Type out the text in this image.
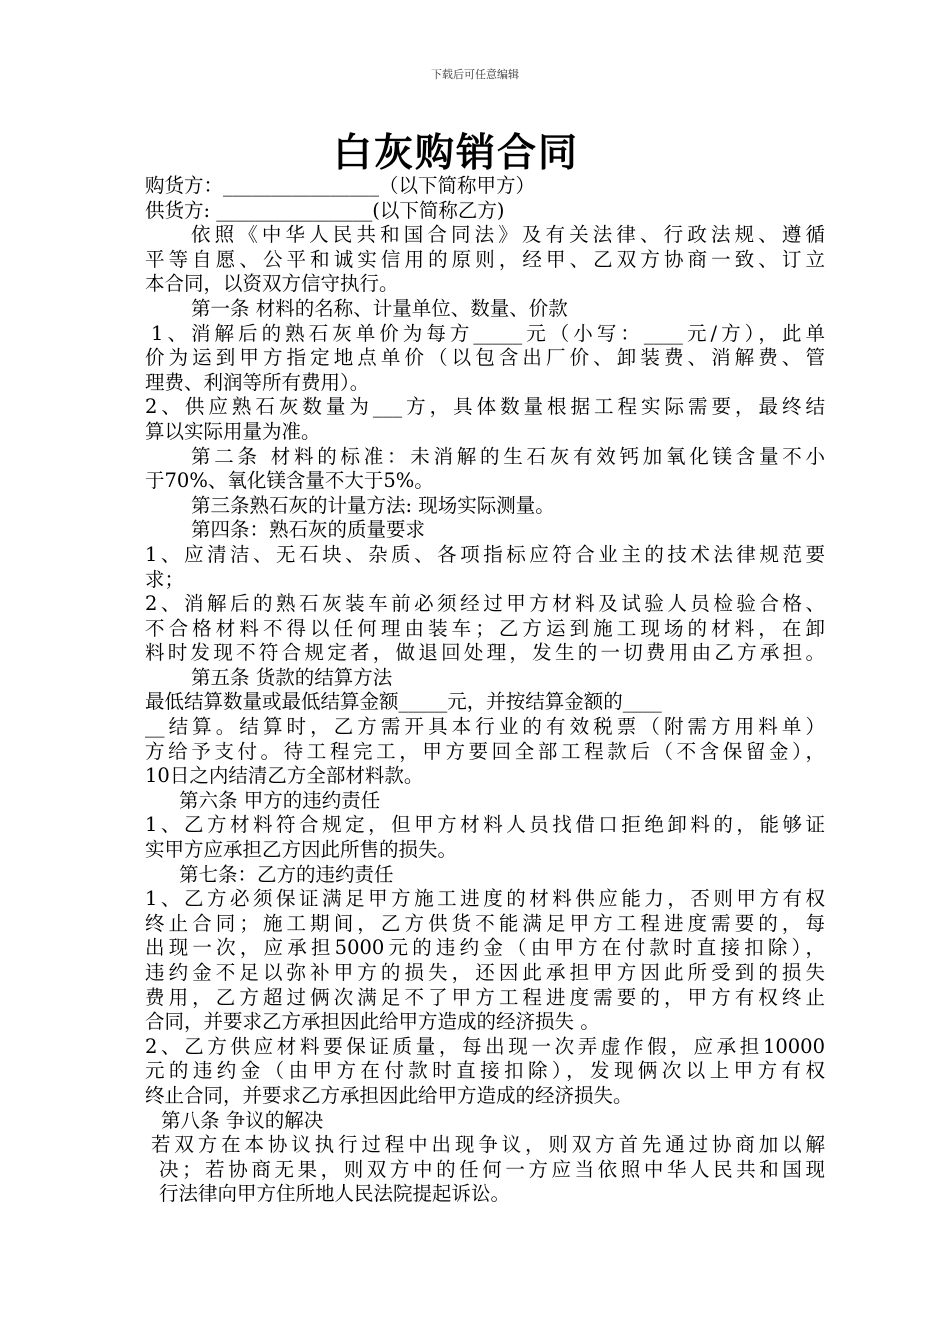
下载后可任意编辑
白灰购销合同
购货方：________________（以下简称甲方）
供货方: ________________(以下简称乙方)
依照《中华人民共和国合同法》及有关法律、行政法规、遵循
平等自愿、公平和诚实信用的原则，经甲、乙双方协商一致、订立
本合同，以资双方信守执行。
第一条 材料的名称、计量单位、数量、价款
1、消解后的熟石灰单价为每方_____元（小写：____元/方），此单
价为运到甲方指定地点单价（以包含出厂价、卸装费、消解费、管
理费、利润等所有费用）。
2、供应熟石灰数量为___方，具体数量根据工程实际需要，最终结
算以实际用量为准。
第二条 材料的标准：未消解的生石灰有效钙加氧化镁含量不小
于70%、氧化镁含量不大于5%。
第三条熟石灰的计量方法: 现场实际测量。
第四条：熟石灰的质量要求
1、应清洁、无石块、杂质、各项指标应符合业主的技术法律规范要
求；
2、消解后的熟石灰装车前必须经过甲方材料及试验人员检验合格、
不合格材料不得以任何理由装车；乙方运到施工现场的材料，在卸
料时发现不符合规定者，做退回处理，发生的一切费用由乙方承担。
第五条 货款的结算方法
最低结算数量或最低结算金额_____元，并按结算金额的____
__结算。结算时，乙方需开具本行业的有效税票（附需方用料单）
方给予支付。待工程完工，甲方要回全部工程款后（不含保留金），
10日之内结清乙方全部材料款。
第六条 甲方的违约责任
1、乙方材料符合规定，但甲方材料人员找借口拒绝卸料的，能够证
实甲方应承担乙方因此所售的损失。
第七条：乙方的违约责任
1、乙方必须保证满足甲方施工进度的材料供应能力，否则甲方有权
终止合同；施工期间，乙方供货不能满足甲方工程进度需要的，每
出现一次，应承担5000元的违约金（由甲方在付款时直接扣除），
违约金不足以弥补甲方的损失，还因此承担甲方因此所受到的损失
费用，乙方超过俩次满足不了甲方工程进度需要的，甲方有权终止
合同，并要求乙方承担因此给甲方造成的经济损失 。
2、乙方供应材料要保证质量，每出现一次弄虚作假，应承担10000
元的违约金（由甲方在付款时直接扣除），发现俩次以上甲方有权
终止合同，并要求乙方承担因此给甲方造成的经济损失。
第八条 争议的解决
若双方在本协议执行过程中出现争议，则双方首先通过协商加以解
决；若协商无果，则双方中的任何一方应当依照中华人民共和国现
行法律向甲方住所地人民法院提起诉讼。
